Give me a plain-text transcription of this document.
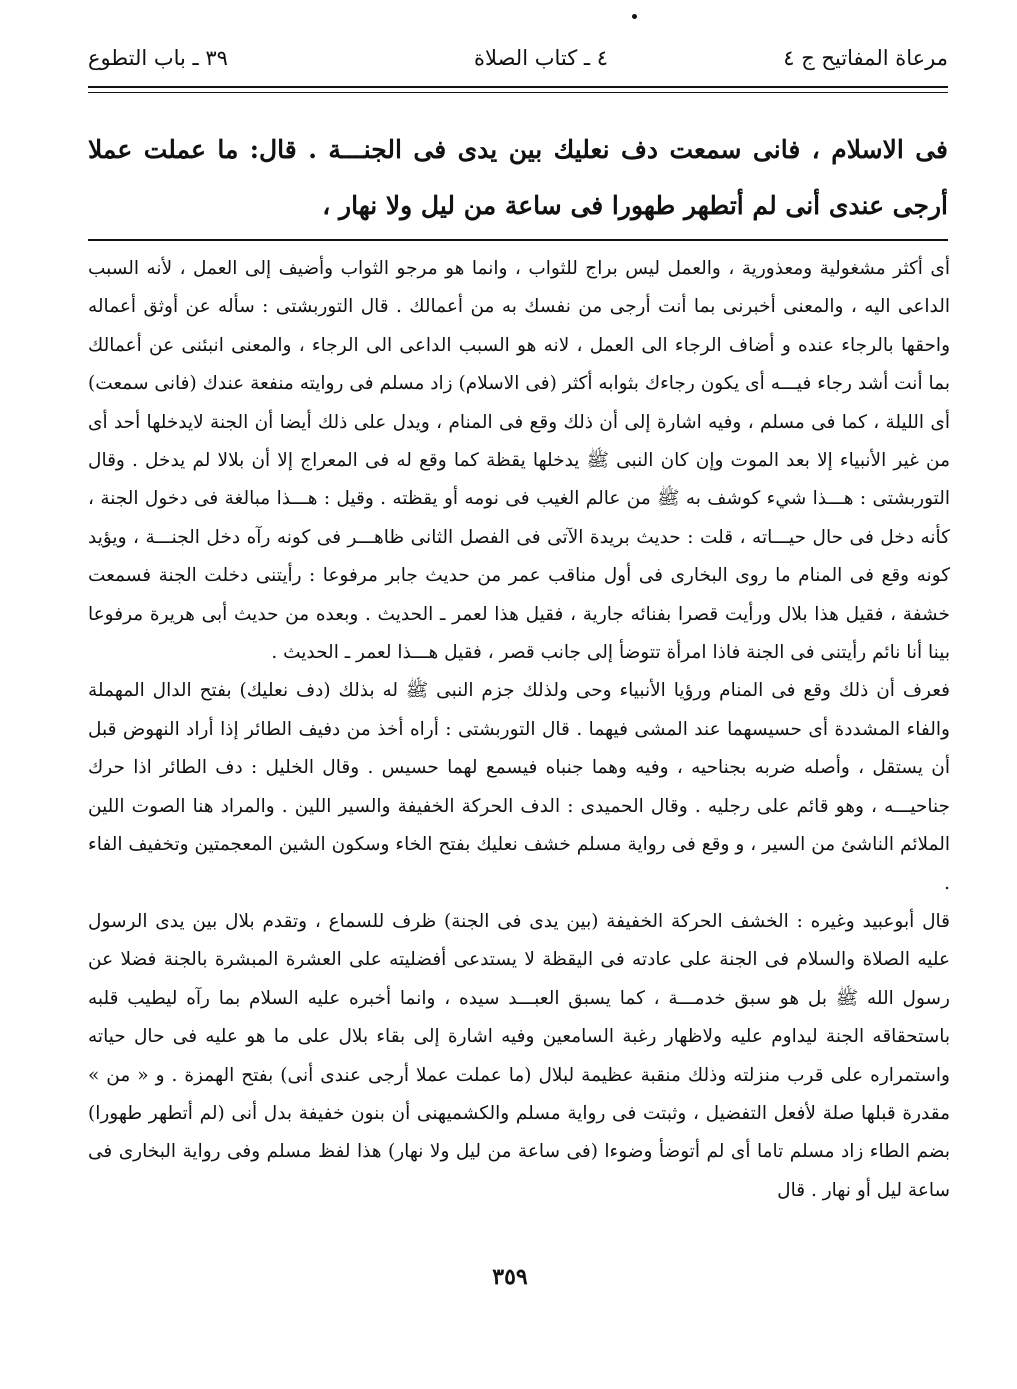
مرعاة المفاتيح ج ٤
٤ ـ كتاب الصلاة
٣٩ ـ باب التطوع
فى الاسلام ، فانى سمعت دف نعليك بين يدى فى الجنـــة . قال: ما عملت عملا أرجى عندى أنى لم أتطهر طهورا فى ساعة من ليل ولا نهار ،

أى أكثر مشغولية ومعذورية ، والعمل ليس براج للثواب ، وانما هو مرجو الثواب وأضيف إلى العمل ، لأنه السبب الداعى اليه ، والمعنى أخبرنى بما أنت أرجى من نفسك به من أعمالك . قال التوربشتى : سأله عن أوثق أعماله واحقها بالرجاء عنده و أضاف الرجاء الى العمل ، لانه هو السبب الداعى الى الرجاء ، والمعنى انبئنى عن أعمالك بما أنت أشد رجاء فيـــه أى يكون رجاءك بثوابه أكثر (فى الاسلام) زاد مسلم فى روايته منفعة عندك (فانى سمعت) أى الليلة ، كما فى مسلم ، وفيه اشارة إلى أن ذلك وقع فى المنام ، ويدل على ذلك أيضا أن الجنة لايدخلها أحد أى من غير الأنبياء إلا بعد الموت وإن كان النبى ﷺ يدخلها يقظة كما وقع له فى المعراج إلا أن بلالا لم يدخل . وقال التوربشتى : هـــذا شيء كوشف به ﷺ من عالم الغيب فى نومه أو يقظته . وقيل : هـــذا مبالغة فى دخول الجنة ، كأنه دخل فى حال حيـــاته ، قلت : حديث بريدة الآتى فى الفصل الثانى ظاهـــر فى كونه رآه دخل الجنـــة ، ويؤيد كونه وقع فى المنام ما روى البخارى فى أول مناقب عمر من حديث جابر مرفوعا : رأيتنى دخلت الجنة فسمعت خشفة ، فقيل هذا بلال ورأيت قصرا بفنائه جارية ، فقيل هذا لعمر ـ الحديث . وبعده من حديث أبى هريرة مرفوعا بينا أنا نائم رأيتنى فى الجنة فاذا امرأة تتوضأ إلى جانب قصر ، فقيل هـــذا لعمر ـ الحديث .

فعرف أن ذلك وقع فى المنام ورؤيا الأنبياء وحى ولذلك جزم النبى ﷺ له بذلك (دف نعليك) بفتح الدال المهملة والفاء المشددة أى حسيسهما عند المشى فيهما . قال التوربشتى : أراه أخذ من دفيف الطائر إذا أراد النهوض قبل أن يستقل ، وأصله ضربه بجناحيه ، وفيه وهما جنباه فيسمع لهما حسيس . وقال الخليل : دف الطائر اذا حرك جناحيـــه ، وهو قائم على رجليه . وقال الحميدى : الدف الحركة الخفيفة والسير اللين . والمراد هنا الصوت اللين الملائم الناشئ من السير ، و وقع فى رواية مسلم خشف نعليك بفتح الخاء وسكون الشين المعجمتين وتخفيف الفاء .

قال أبوعبيد وغيره : الخشف الحركة الخفيفة (بين يدى فى الجنة) ظرف للسماع ، وتقدم بلال بين يدى الرسول عليه الصلاة والسلام فى الجنة على عادته فى اليقظة لا يستدعى أفضليته على العشرة المبشرة بالجنة فضلا عن رسول الله ﷺ بل هو سبق خدمـــة ، كما يسبق العبـــد سيده ، وانما أخبره عليه السلام بما رآه ليطيب قلبه باستحقاقه الجنة ليداوم عليه ولاظهار رغبة السامعين وفيه اشارة إلى بقاء بلال على ما هو عليه فى حال حياته واستمراره على قرب منزلته وذلك منقبة عظيمة لبلال (ما عملت عملا أرجى عندى أنى) بفتح الهمزة . و « من » مقدرة قبلها صلة لأفعل التفضيل ، وثبتت فى رواية مسلم والكشميهنى أن بنون خفيفة بدل أنى (لم أتطهر طهورا) بضم الطاء زاد مسلم تاما أى لم أتوضأ وضوءا (فى ساعة من ليل ولا نهار) هذا لفظ مسلم وفى رواية البخارى فى ساعة ليل أو نهار . قال

٣٥٩
